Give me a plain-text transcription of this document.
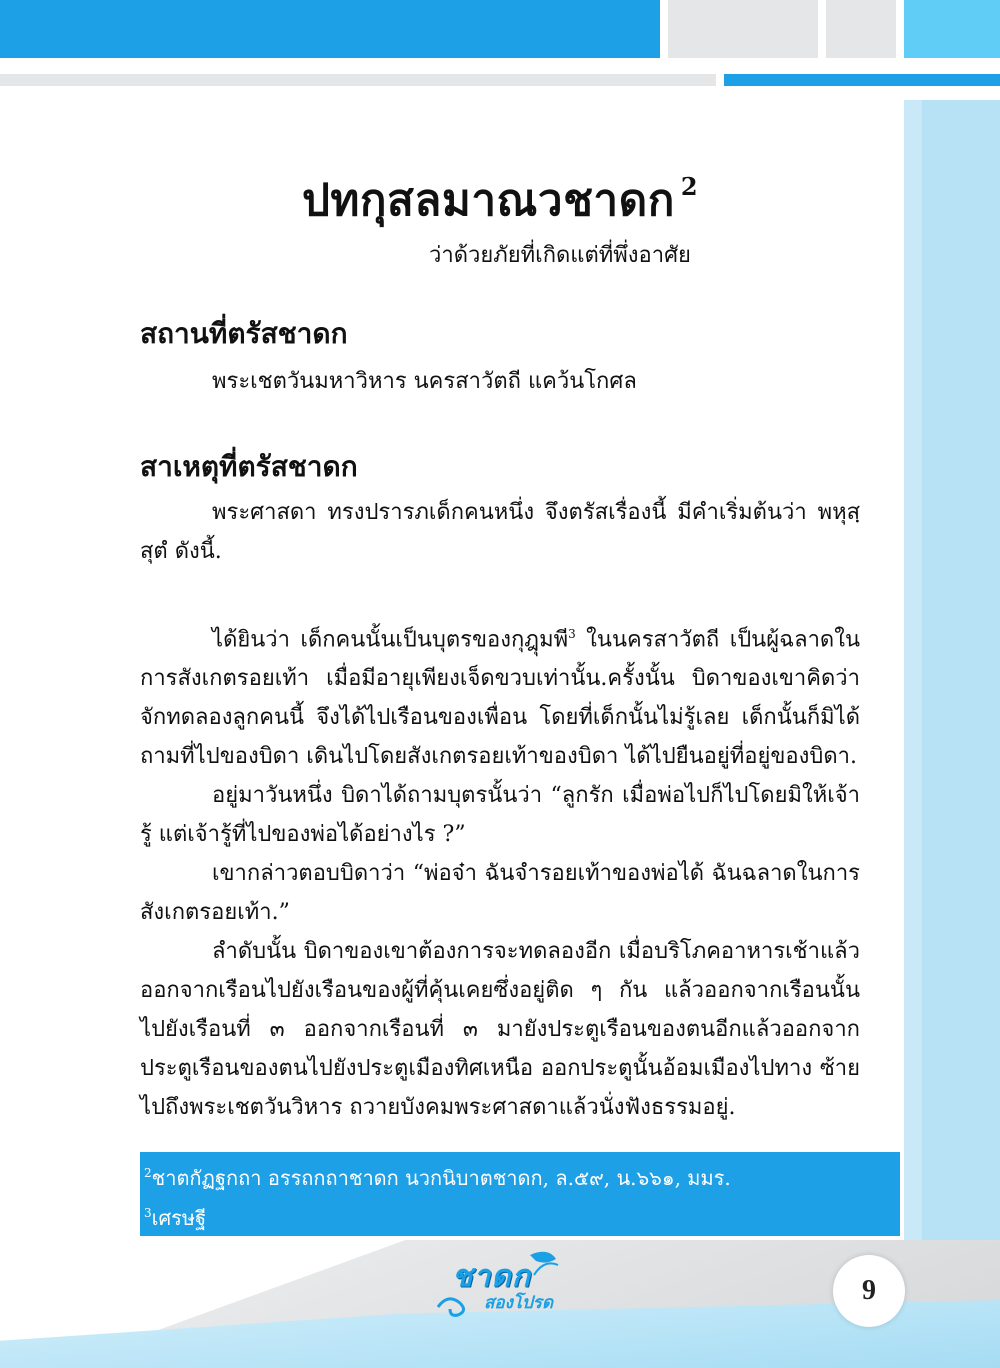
ปทกุสลมาณวชาดก $^2$
ว่าด้วยภัยที่เกิดแต่ที่พึ่งอาศัย
สถานที่ตรัสชาดก

พระเชตวันมหาวิหาร นครสาวัตถี แคว้นโกศล

สาเหตุที่ตรัสชาดก

พระศาสดา ทรงปรารภเด็กคนหนึ่ง จึงตรัสเรื่องนี้ มีคำเริ่มต้นว่า พหุสฺสุตํ ดังนี้.

ได้ยินว่า เด็กคนนั้นเป็นบุตรของกุฎุมพี$^3$ ในนครสาวัตถี เป็นผู้ฉลาดในการสังเกตรอยเท้า เมื่อมีอายุเพียงเจ็ดขวบเท่านั้น.ครั้งนั้น บิดาของเขาคิดว่า จักทดลองลูกคนนี้ จึงได้ไปเรือนของเพื่อน โดยที่เด็กนั้นไม่รู้เลย เด็กนั้นก็มิได้ถามที่ไปของบิดา เดินไปโดยสังเกตรอยเท้าของบิดา ได้ไปยืนอยู่ที่อยู่ของบิดา.

อยู่มาวันหนึ่ง บิดาได้ถามบุตรนั้นว่า “ลูกรัก เมื่อพ่อไปก็ไปโดยมิให้เจ้ารู้ แต่เจ้ารู้ที่ไปของพ่อได้อย่างไร ?”

เขากล่าวตอบบิดาว่า “พ่อจ๋า ฉันจำรอยเท้าของพ่อได้ ฉันฉลาดในการสังเกตรอยเท้า.”

ลำดับนั้น บิดาของเขาต้องการจะทดลองอีก เมื่อบริโภคอาหารเช้าแล้ว ออกจากเรือนไปยังเรือนของผู้ที่คุ้นเคยซึ่งอยู่ติด ๆ กัน แล้วออกจากเรือนนั้น ไปยังเรือนที่ ๓ ออกจากเรือนที่ ๓ มายังประตูเรือนของตนอีกแล้วออกจาก ประตูเรือนของตนไปยังประตูเมืองทิศเหนือ ออกประตูนั้นอ้อมเมืองไปทาง ซ้าย ไปถึงพระเชตวันวิหาร ถวายบังคมพระศาสดาแล้วนั่งฟังธรรมอยู่.

$^2$ชาตกัฏฐกถา อรรถกถาชาดก นวกนิบาตชาดก, ล.๕๙, น.๖๖๑, มมร.
$^3$เศรษฐี
ชาดก
สองโปรด	9
